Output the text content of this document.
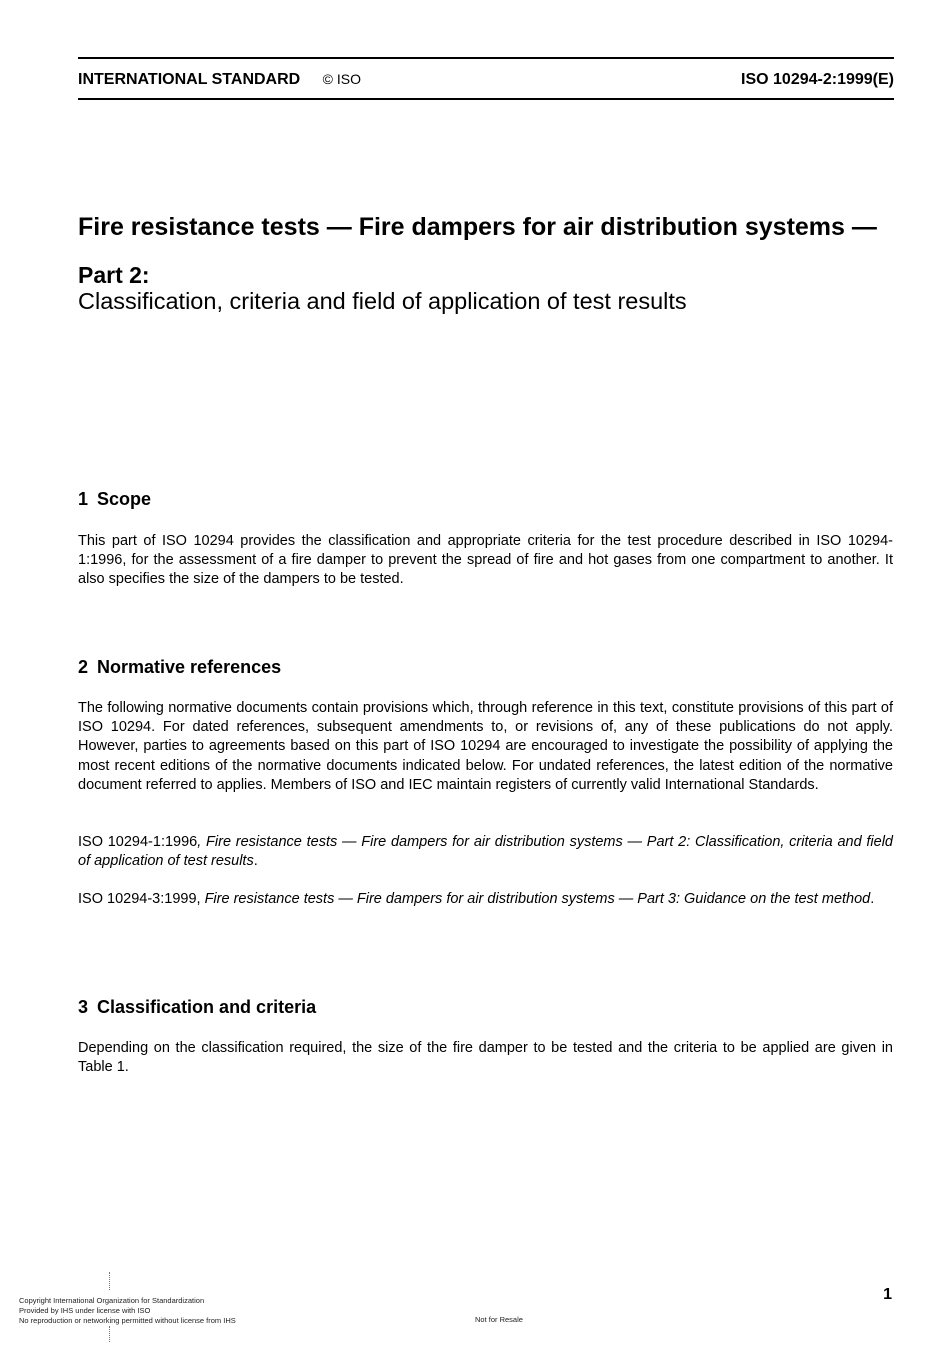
INTERNATIONAL STANDARD © ISO	ISO 10294-2:1999(E)
Fire resistance tests — Fire dampers for air distribution systems —
Part 2:
Classification, criteria and field of application of test results
1 Scope

This part of ISO 10294 provides the classification and appropriate criteria for the test procedure described in ISO 10294-1:1996, for the assessment of a fire damper to prevent the spread of fire and hot gases from one compartment to another. It also specifies the size of the dampers to be tested.

2 Normative references

The following normative documents contain provisions which, through reference in this text, constitute provisions of this part of ISO 10294. For dated references, subsequent amendments to, or revisions of, any of these publications do not apply. However, parties to agreements based on this part of ISO 10294 are encouraged to investigate the possibility of applying the most recent editions of the normative documents indicated below. For undated references, the latest edition of the normative document referred to applies. Members of ISO and IEC maintain registers of currently valid International Standards.

ISO 10294-1:1996, Fire resistance tests — Fire dampers for air distribution systems — Part 2: Classification, criteria and field of application of test results.

ISO 10294-3:1999, Fire resistance tests — Fire dampers for air distribution systems — Part 3: Guidance on the test method.

3 Classification and criteria

Depending on the classification required, the size of the fire damper to be tested and the criteria to be applied are given in Table 1.

1
Copyright International Organization for Standardization
Provided by IHS under license with ISO
No reproduction or networking permitted without license from IHS	Not for Resale
